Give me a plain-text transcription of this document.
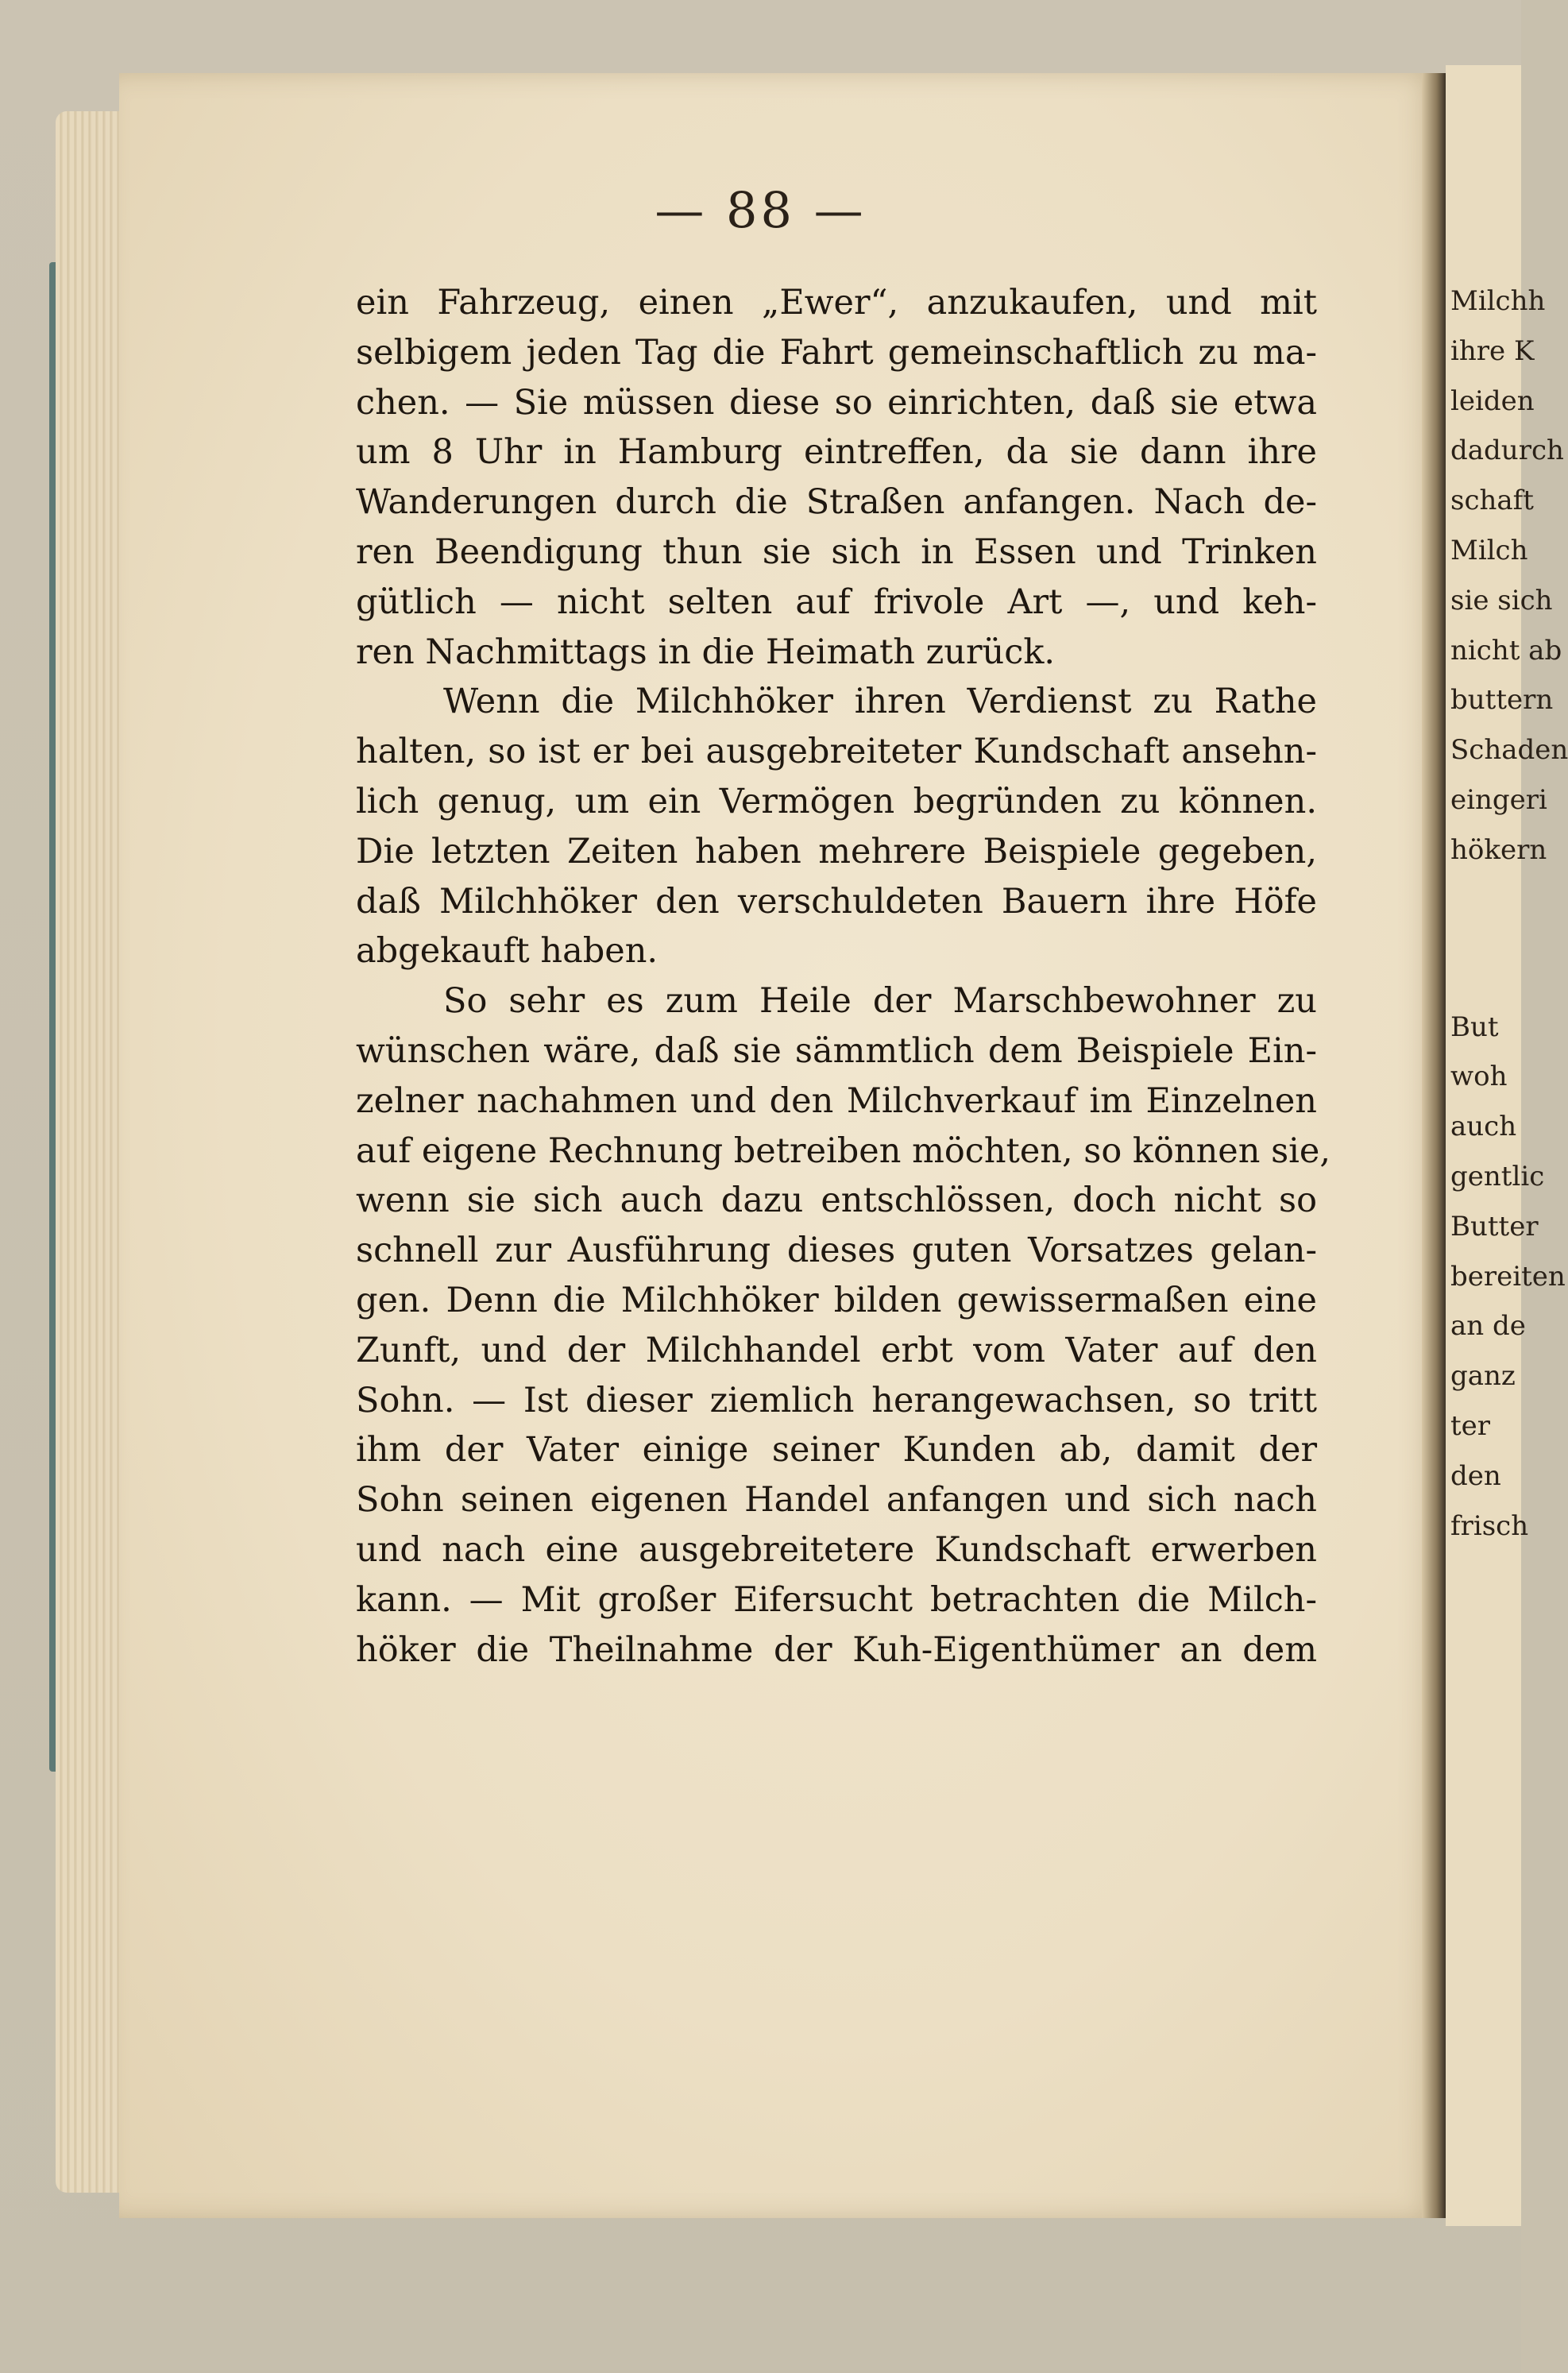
— 88 —
ein Fahrzeug, einen „Ewer“, anzukaufen, und mit
selbigem jeden Tag die Fahrt gemeinschaftlich zu ma-
chen. — Sie müssen diese so einrichten, daß sie etwa
um 8 Uhr in Hamburg eintreffen, da sie dann ihre
Wanderungen durch die Straßen anfangen. Nach de-
ren Beendigung thun sie sich in Essen und Trinken
gütlich — nicht selten auf frivole Art —, und keh-
ren Nachmittags in die Heimath zurück.
Wenn die Milchhöker ihren Verdienst zu Rathe
halten, so ist er bei ausgebreiteter Kundschaft ansehn-
lich genug, um ein Vermögen begründen zu können.
Die letzten Zeiten haben mehrere Beispiele gegeben,
daß Milchhöker den verschuldeten Bauern ihre Höfe
abgekauft haben.
So sehr es zum Heile der Marschbewohner zu
wünschen wäre, daß sie sämmtlich dem Beispiele Ein-
zelner nachahmen und den Milchverkauf im Einzelnen
auf eigene Rechnung betreiben möchten, so können sie,
wenn sie sich auch dazu entschlössen, doch nicht so
schnell zur Ausführung dieses guten Vorsatzes gelan-
gen. Denn die Milchhöker bilden gewissermaßen eine
Zunft, und der Milchhandel erbt vom Vater auf den
Sohn. — Ist dieser ziemlich herangewachsen, so tritt
ihm der Vater einige seiner Kunden ab, damit der
Sohn seinen eigenen Handel anfangen und sich nach
und nach eine ausgebreitetere Kundschaft erwerben
kann. — Mit großer Eifersucht betrachten die Milch-
höker die Theilnahme der Kuh-Eigenthümer an dem
Milchh
ihre K
leiden
dadurch
schaft
Milch
sie sich
nicht ab
buttern
Schaden
eingeri
hökern
But
woh
auch
gentlic
Butter
bereiten
an de
ganz
ter
den
frisch
